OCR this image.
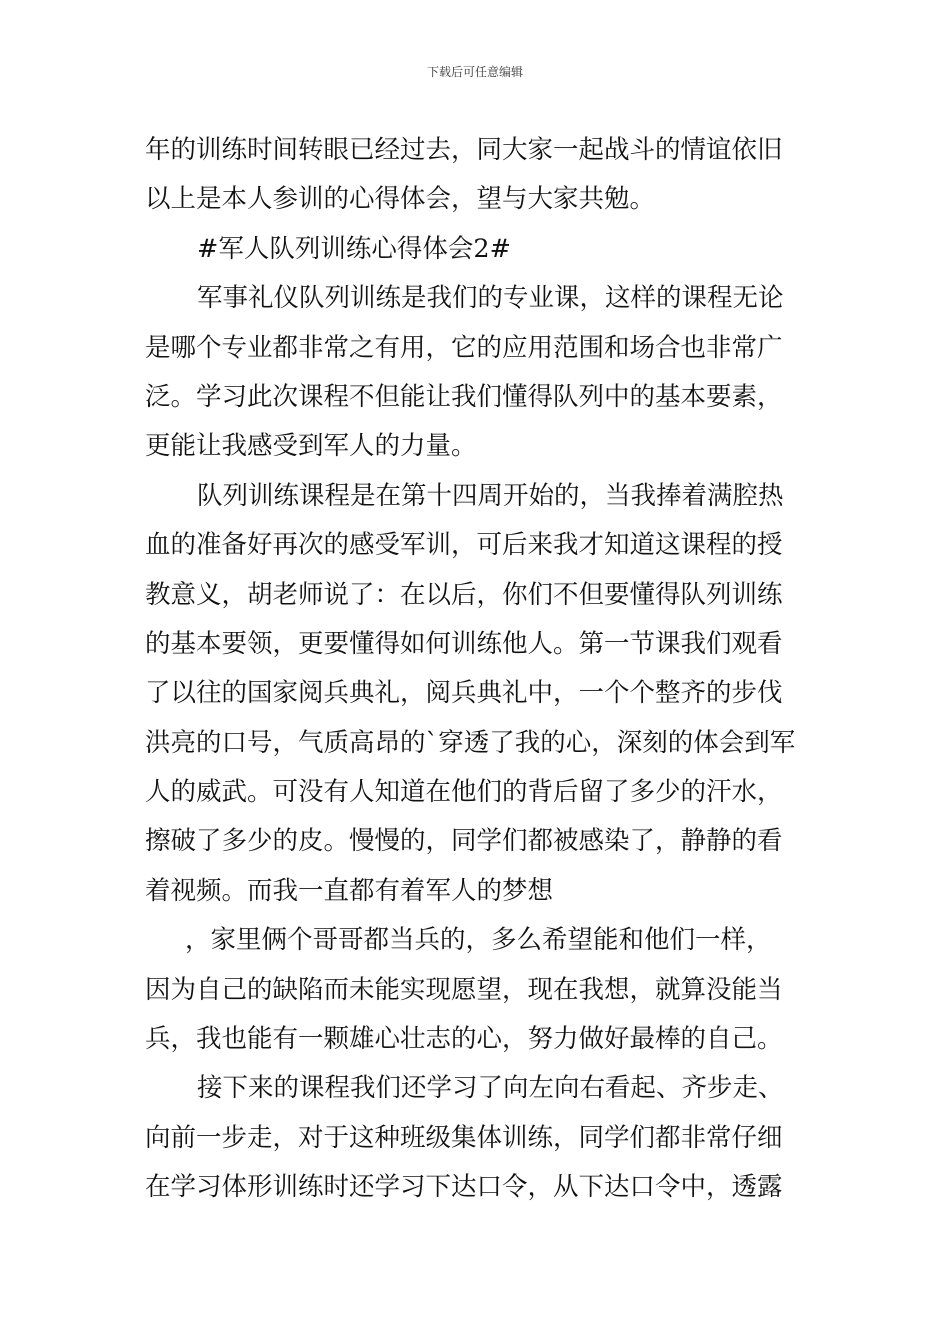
下载后可任意编辑
年的训练时间转眼已经过去，同大家一起战斗的情谊依旧
以上是本人参训的心得体会，望与大家共勉。
#军人队列训练心得体会2#
军事礼仪队列训练是我们的专业课，这样的课程无论
是哪个专业都非常之有用，它的应用范围和场合也非常广
泛。学习此次课程不但能让我们懂得队列中的基本要素，
更能让我感受到军人的力量。
队列训练课程是在第十四周开始的，当我捧着满腔热
血的准备好再次的感受军训，可后来我才知道这课程的授
教意义，胡老师说了：在以后，你们不但要懂得队列训练
的基本要领，更要懂得如何训练他人。第一节课我们观看
了以往的国家阅兵典礼，阅兵典礼中，一个个整齐的步伐
洪亮的口号，气质高昂的`穿透了我的心，深刻的体会到军
人的威武。可没有人知道在他们的背后留了多少的汗水，
擦破了多少的皮。慢慢的，同学们都被感染了，静静的看
着视频。而我一直都有着军人的梦想
，家里俩个哥哥都当兵的，多么希望能和他们一样，
因为自己的缺陷而未能实现愿望，现在我想，就算没能当
兵，我也能有一颗雄心壮志的心，努力做好最棒的自己。
接下来的课程我们还学习了向左向右看起、齐步走、
向前一步走，对于这种班级集体训练，同学们都非常仔细
在学习体形训练时还学习下达口令，从下达口令中，透露
